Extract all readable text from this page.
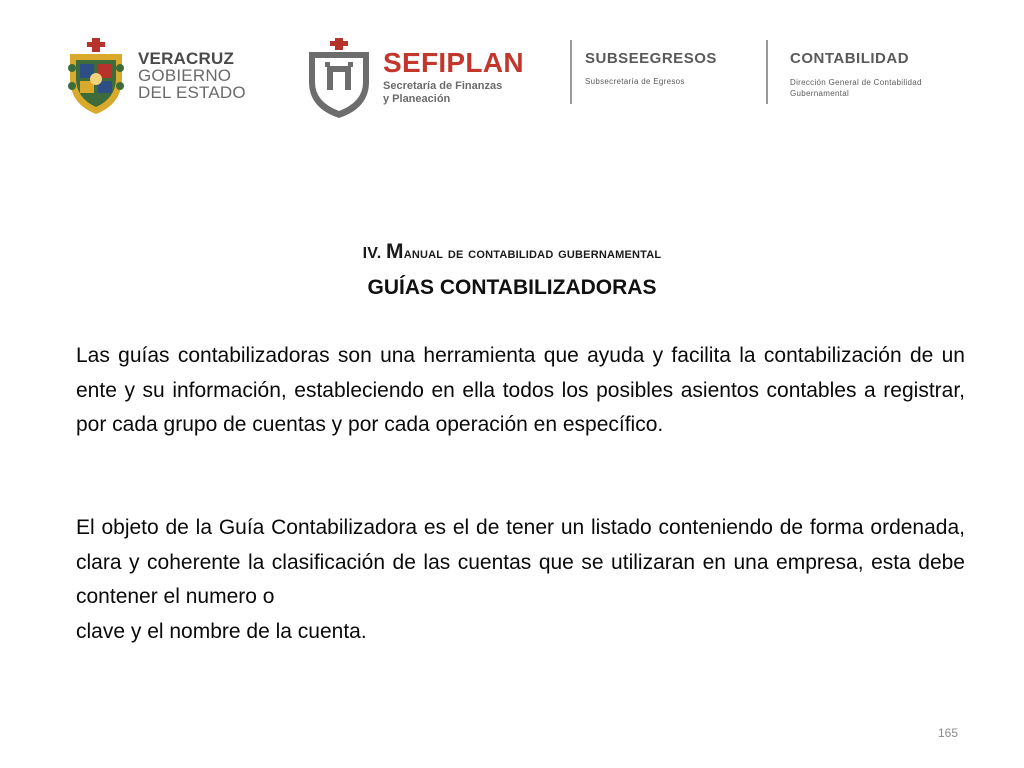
VERACRUZ
GOBIERNO
DEL ESTADO
SEFIPLAN
Secretaría de Finanzas
y Planeación
SUBSEEGRESOS
Subsecretaría de Egresos
CONTABILIDAD
Dirección General de Contabilidad
Gubernamental
IV. Manual de contabilidad gubernamental
GUÍAS CONTABILIZADORAS
Las guías contabilizadoras son una herramienta que ayuda y facilita la contabilización de un ente y su información, estableciendo en ella todos los posibles asientos contables a registrar, por cada grupo de cuentas y por cada operación en específico.
El objeto de la Guía Contabilizadora es el de tener un listado conteniendo de forma ordenada, clara y coherente la clasificación de las cuentas que se utilizaran en una empresa, esta debe contener el numero o
clave y el nombre de la cuenta.
165
